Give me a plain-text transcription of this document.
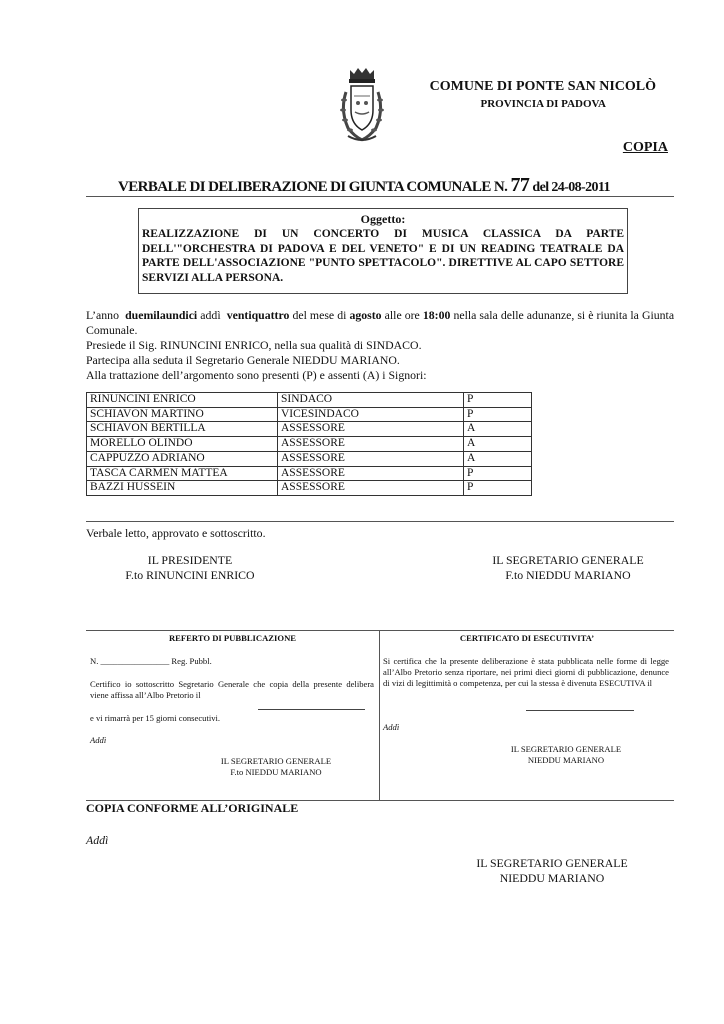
COMUNE DI PONTE SAN NICOLÒ
PROVINCIA DI PADOVA
COPIA
VERBALE DI DELIBERAZIONE DI GIUNTA COMUNALE N. 77 del 24-08-2011
Oggetto:
REALIZZAZIONE DI UN CONCERTO DI MUSICA CLASSICA DA PARTE DELL'"ORCHESTRA DI PADOVA E DEL VENETO" E DI UN READING TEATRALE DA PARTE DELL'ASSOCIAZIONE "PUNTO SPETTACOLO". DIRETTIVE AL CAPO SETTORE SERVIZI ALLA PERSONA.

L’anno duemilaundici addì ventiquattro del mese di agosto alle ore 18:00 nella sala delle adunanze, si è riunita la Giunta Comunale.

Presiede il Sig. RINUNCINI ENRICO, nella sua qualità di SINDACO.

Partecipa alla seduta il Segretario Generale NIEDDU MARIANO.

Alla trattazione dell’argomento sono presenti (P) e assenti (A) i Signori:

RINUNCINI ENRICO	SINDACO	P
SCHIAVON MARTINO	VICESINDACO	P
SCHIAVON BERTILLA	ASSESSORE	A
MORELLO OLINDO	ASSESSORE	A
CAPPUZZO ADRIANO	ASSESSORE	A
TASCA CARMEN MATTEA	ASSESSORE	P
BAZZI HUSSEIN	ASSESSORE	P
Verbale letto, approvato e sottoscritto.
IL PRESIDENTE
F.to RINUNCINI ENRICO
IL SEGRETARIO GENERALE
F.to NIEDDU MARIANO
REFERTO DI PUBBLICAZIONE
N. ________________ Reg. Pubbl.
Certifico io sottoscritto Segretario Generale che copia della presente delibera viene affissa all’Albo Pretorio il
e vi rimarrà per 15 giorni consecutivi.
Addì
IL SEGRETARIO GENERALE
F.to NIEDDU MARIANO
CERTIFICATO DI ESECUTIVITA’
Si certifica che la presente deliberazione è stata pubblicata nelle forme di legge all’Albo Pretorio senza riportare, nei primi dieci giorni di pubblicazione, denunce di vizi di legittimità o competenza, per cui la stessa è divenuta ESECUTIVA il
Addì
IL SEGRETARIO GENERALE
NIEDDU MARIANO
COPIA CONFORME ALL’ORIGINALE
Addì
IL SEGRETARIO GENERALE
NIEDDU MARIANO
